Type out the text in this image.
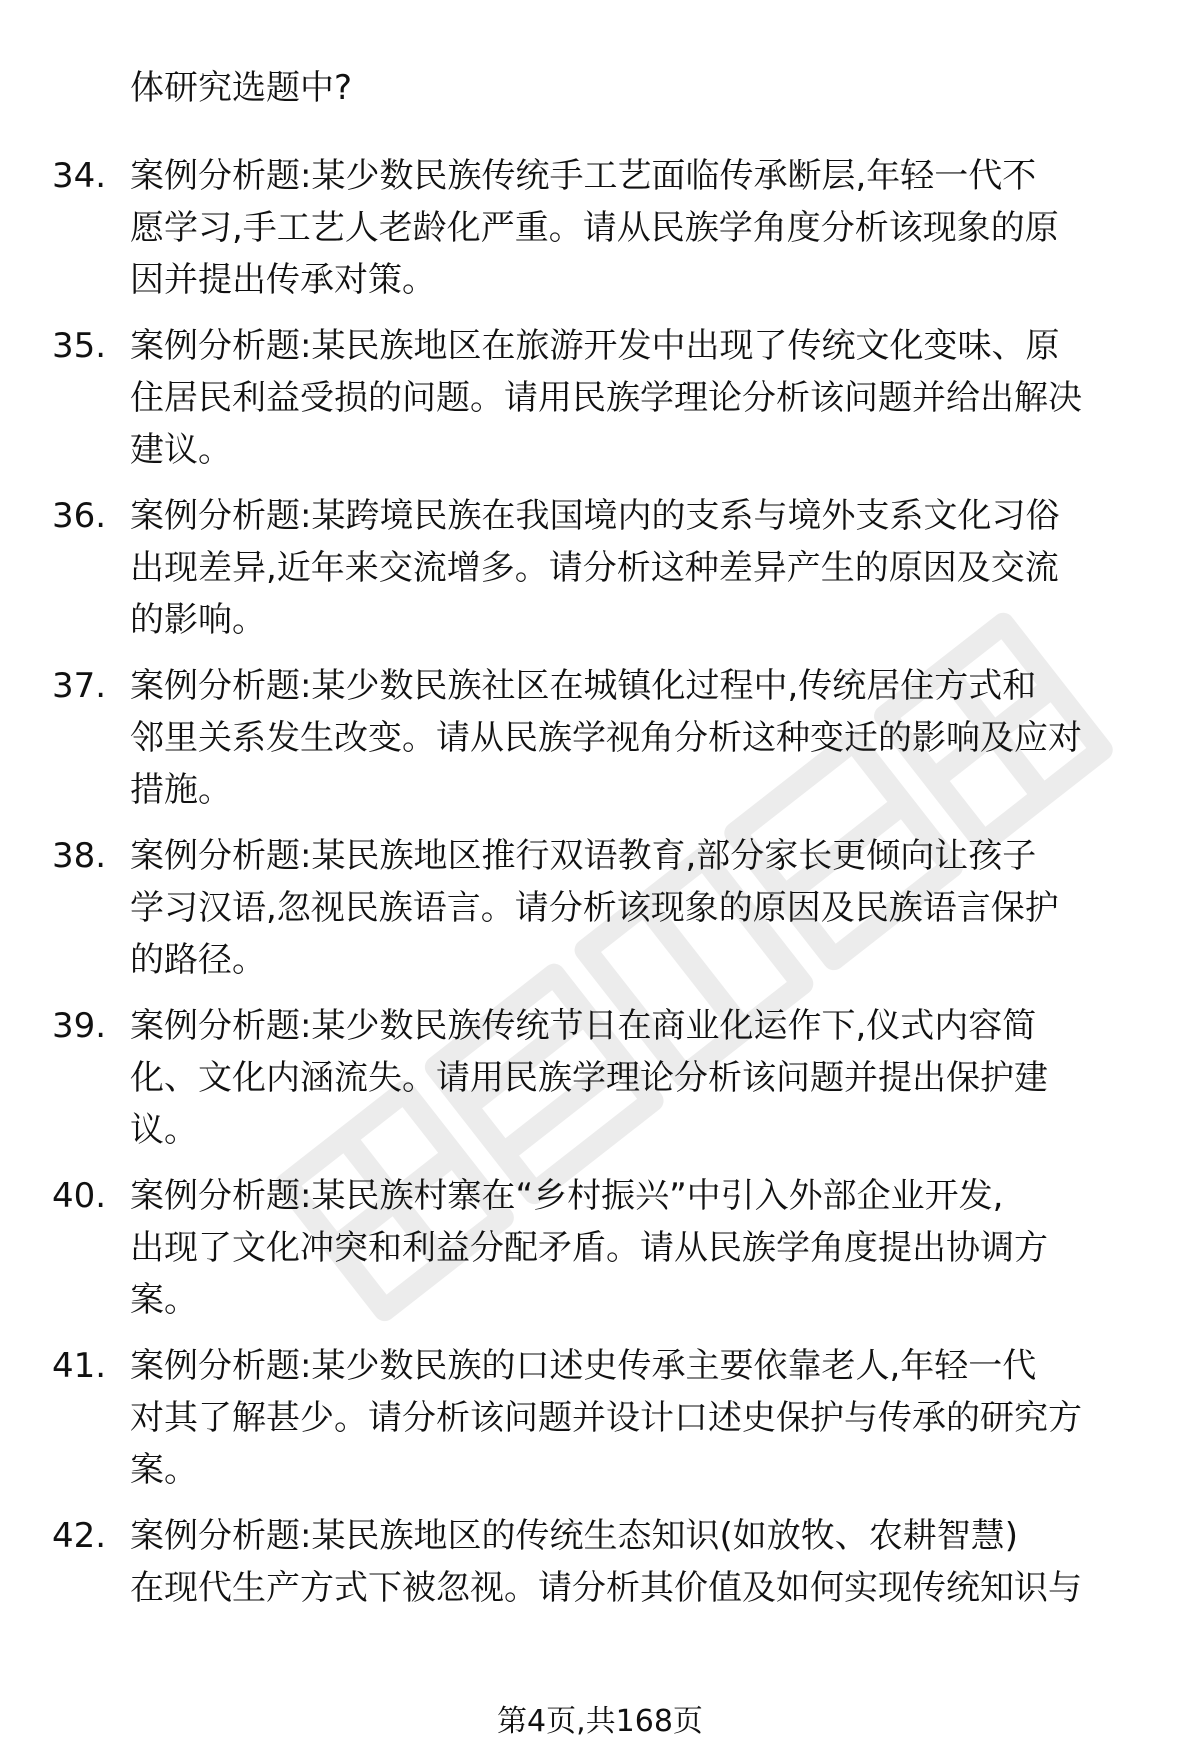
体研究选题中?
34. 案例分析题:某少数民族传统手工艺面临传承断层,年轻一代不
愿学习,手工艺人老龄化严重。请从民族学角度分析该现象的原
因并提出传承对策。
35. 案例分析题:某民族地区在旅游开发中出现了传统文化变味、原
住居民利益受损的问题。请用民族学理论分析该问题并给出解决
建议。
36. 案例分析题:某跨境民族在我国境内的支系与境外支系文化习俗
出现差异,近年来交流增多。请分析这种差异产生的原因及交流
的影响。
37. 案例分析题:某少数民族社区在城镇化过程中,传统居住方式和
邻里关系发生改变。请从民族学视角分析这种变迁的影响及应对
措施。
38. 案例分析题:某民族地区推行双语教育,部分家长更倾向让孩子
学习汉语,忽视民族语言。请分析该现象的原因及民族语言保护
的路径。
39. 案例分析题:某少数民族传统节日在商业化运作下,仪式内容简
化、文化内涵流失。请用民族学理论分析该问题并提出保护建
议。
40. 案例分析题:某民族村寨在“乡村振兴”中引入外部企业开发,
出现了文化冲突和利益分配矛盾。请从民族学角度提出协调方
案。
41. 案例分析题:某少数民族的口述史传承主要依靠老人,年轻一代
对其了解甚少。请分析该问题并设计口述史保护与传承的研究方
案。
42. 案例分析题:某民族地区的传统生态知识(如放牧、农耕智慧)
在现代生产方式下被忽视。请分析其价值及如何实现传统知识与
第4页,共168页
